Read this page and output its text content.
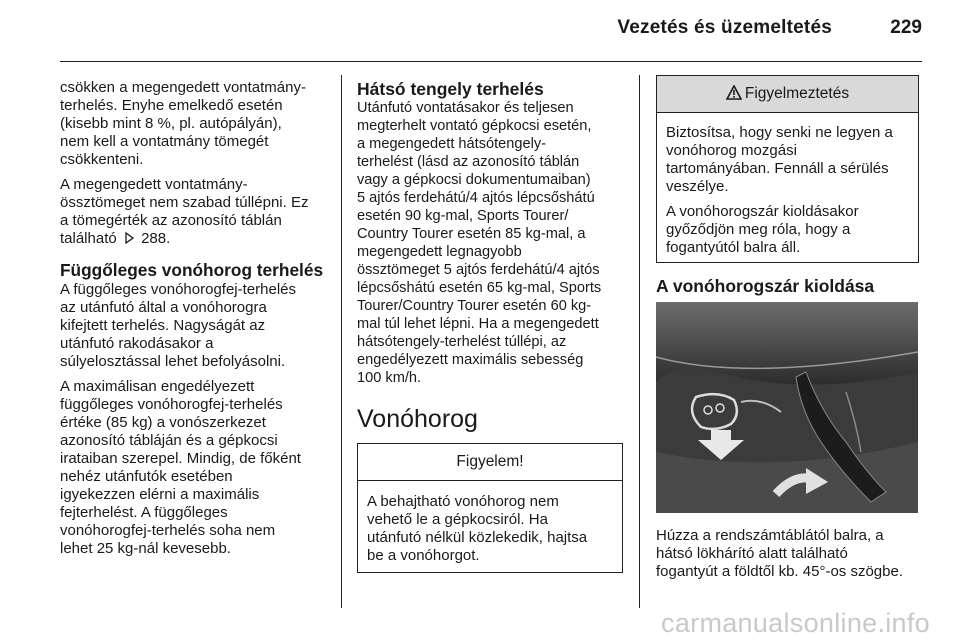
Vezetés és üzemeltetés	229

csökken a megengedett vontatmány-
terhelés. Enyhe emelkedő esetén
(kisebb mint 8 %, pl. autópályán),
nem kell a vontatmány tömegét
csökkenteni.

A megengedett vontatmány-
össztömeget nem szabad túllépni. Ez
a tömegérték az azonosító táblán
található 288.

Függőleges vonóhorog terhelés

A függőleges vonóhorogfej-terhelés
az utánfutó által a vonóhorogra
kifejtett terhelés. Nagyságát az
utánfutó rakodásakor a
súlyelosztással lehet befolyásolni.

A maximálisan engedélyezett
függőleges vonóhorogfej-terhelés
értéke (85 kg) a vonószerkezet
azonosító tábláján és a gépkocsi
irataiban szerepel. Mindig, de főként
nehéz utánfutók esetében
igyekezzen elérni a maximális
fejterhelést. A függőleges
vonóhorogfej-terhelés soha nem
lehet 25 kg-nál kevesebb.

Hátsó tengely terhelés

Utánfutó vontatásakor és teljesen
megterhelt vontató gépkocsi esetén,
a megengedett hátsótengely-
terhelést (lásd az azonosító táblán
vagy a gépkocsi dokumentumaiban)
5 ajtós ferdehátú/4 ajtós lépcsőshátú
esetén 90 kg-mal, Sports Tourer/
Country Tourer esetén 85 kg-mal, a
megengedett legnagyobb
össztömeget 5 ajtós ferdehátú/4 ajtós
lépcsőshátú esetén 65 kg-mal, Sports
Tourer/Country Tourer esetén 60 kg-
mal túl lehet lépni. Ha a megengedett
hátsótengely-terhelést túllépi, az
engedélyezett maximális sebesség
100 km/h.

Vonóhorog

Figyelem!
A behajtható vonóhorog nem
vehető le a gépkocsiról. Ha
utánfutó nélkül közlekedik, hajtsa
be a vonóhorgot.
Figyelmeztetés

Biztosítsa, hogy senki ne legyen a
vonóhorog mozgási
tartományában. Fennáll a sérülés
veszélye.

A vonóhorogszár kioldásakor
győződjön meg róla, hogy a
fogantyútól balra áll.

A vonóhorogszár kioldása

Húzza a rendszámtáblától balra, a
hátsó lökhárító alatt található
fogantyút a földtől kb. 45°-os szögbe.
carmanualsonline.info
